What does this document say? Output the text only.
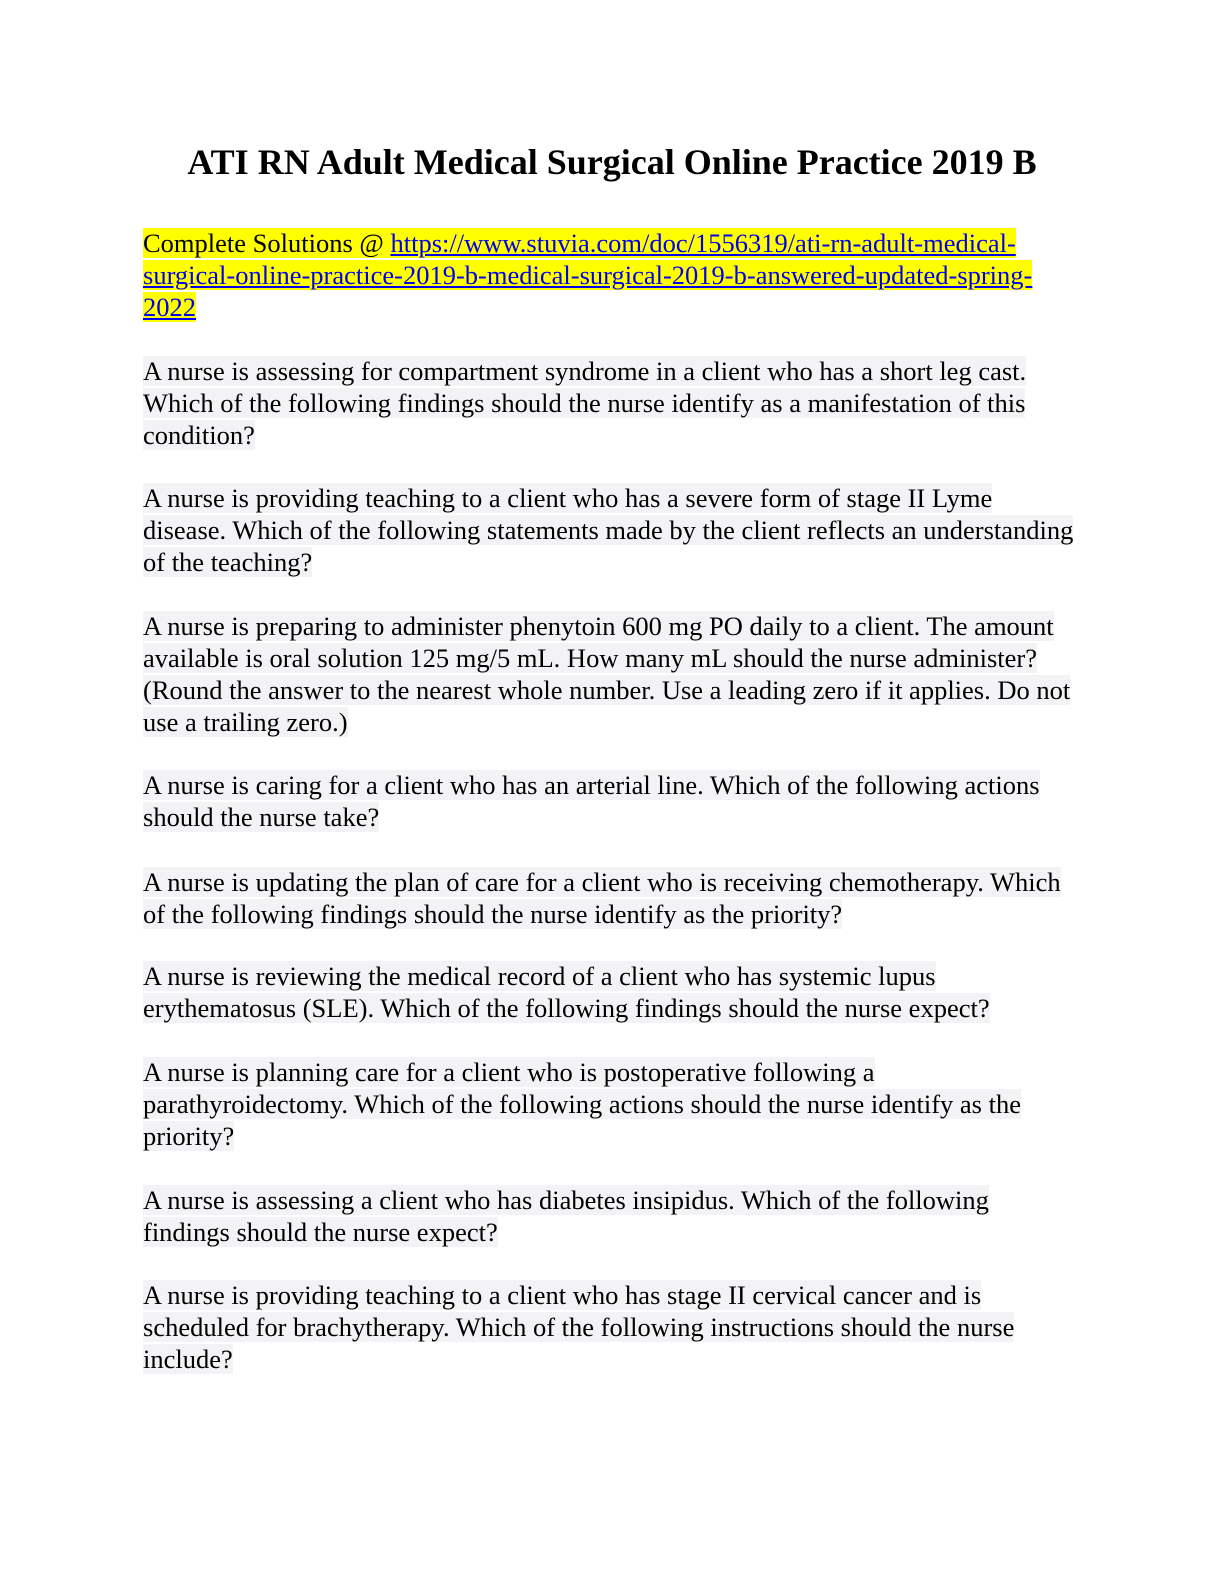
ATI RN Adult Medical Surgical Online Practice 2019 B

Complete Solutions @ https://www.stuvia.com/doc/1556319/ati-rn-adult-medical-surgical-online-practice-2019-b-medical-surgical-2019-b-answered-updated-spring-2022

A nurse is assessing for compartment syndrome in a client who has a short leg cast. Which of the following findings should the nurse identify as a manifestation of this condition?

A nurse is providing teaching to a client who has a severe form of stage II Lyme disease. Which of the following statements made by the client reflects an understanding of the teaching?

A nurse is preparing to administer phenytoin 600 mg PO daily to a client. The amount available is oral solution 125 mg/5 mL. How many mL should the nurse administer? (Round the answer to the nearest whole number. Use a leading zero if it applies. Do not use a trailing zero.)

A nurse is caring for a client who has an arterial line. Which of the following actions should the nurse take?

A nurse is updating the plan of care for a client who is receiving chemotherapy. Which of the following findings should the nurse identify as the priority?

A nurse is reviewing the medical record of a client who has systemic lupus erythematosus (SLE). Which of the following findings should the nurse expect?

A nurse is planning care for a client who is postoperative following a parathyroidectomy. Which of the following actions should the nurse identify as the priority?

A nurse is assessing a client who has diabetes insipidus. Which of the following findings should the nurse expect?

A nurse is providing teaching to a client who has stage II cervical cancer and is scheduled for brachytherapy. Which of the following instructions should the nurse include?
